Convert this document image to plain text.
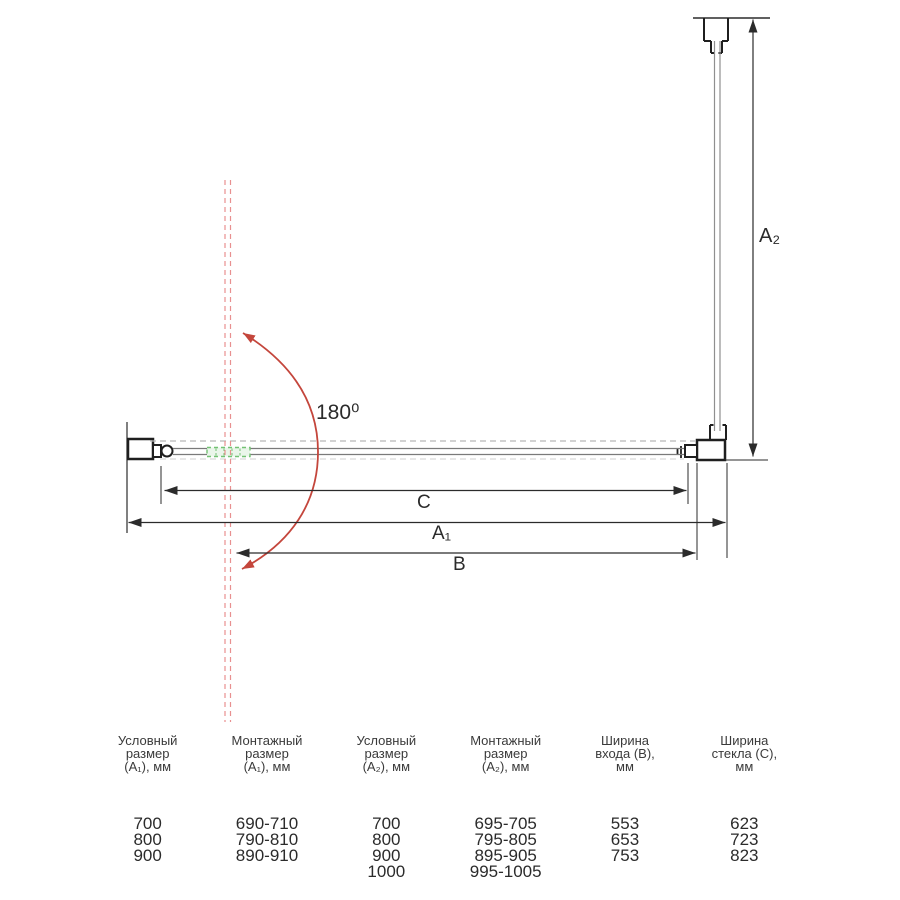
180⁰
A₂
C
A₁
B
Условный
размер
(A₁), мм
700
800
900
Монтажный
размер
(A₁), мм
690-710
790-810
890-910
Условный
размер
(A₂), мм
700
800
900
1000
Монтажный
размер
(A₂), мм
695-705
795-805
895-905
995-1005
Ширина
входа (B),
мм
553
653
753
Ширина
стекла (C),
мм
623
723
823
